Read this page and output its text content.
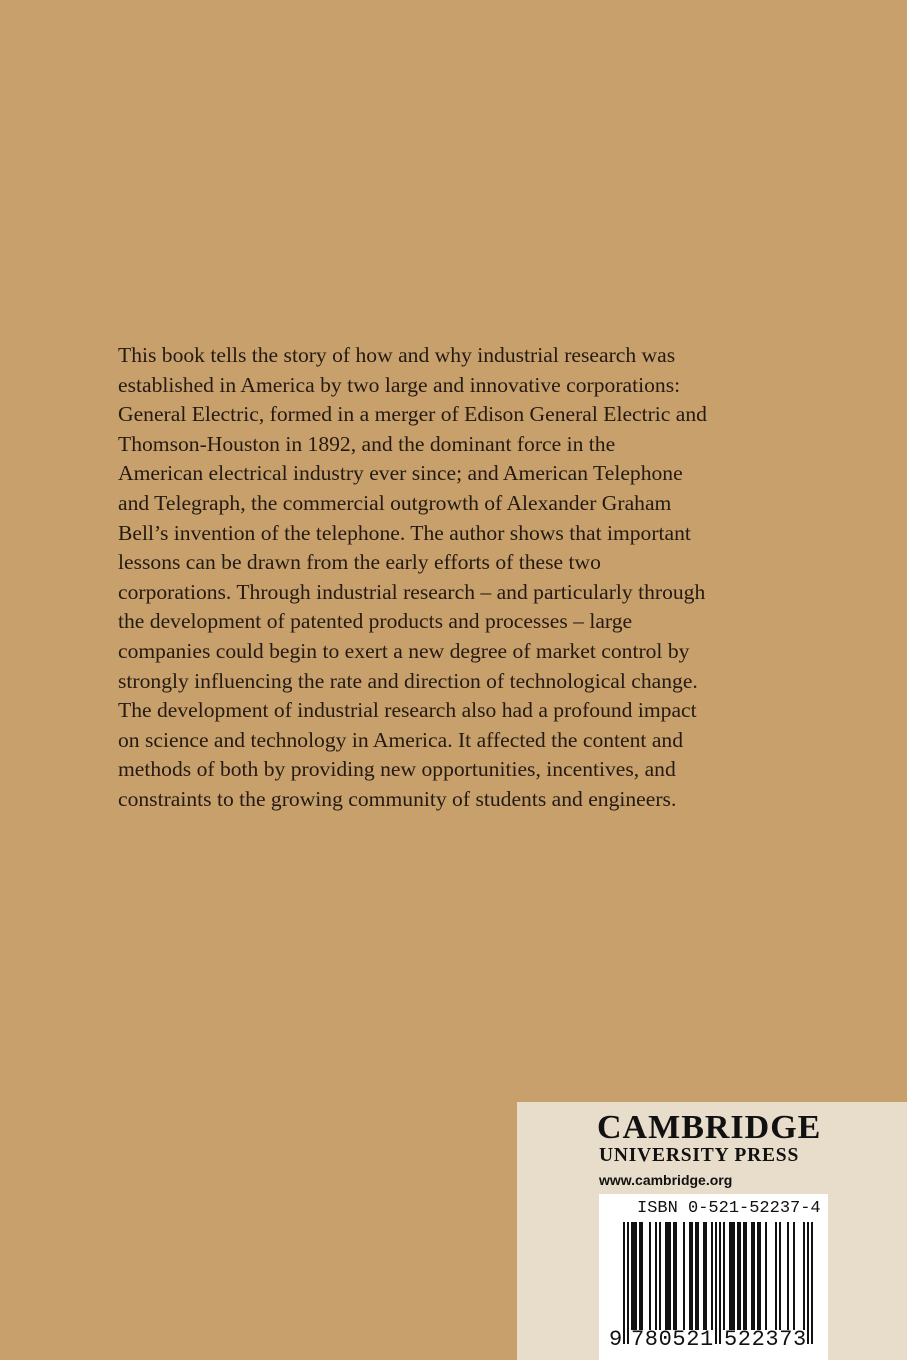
This book tells the story of how and why industrial research was
established in America by two large and innovative corporations:
General Electric, formed in a merger of Edison General Electric and
Thomson-Houston in 1892, and the dominant force in the
American electrical industry ever since; and American Telephone
and Telegraph, the commercial outgrowth of Alexander Graham
Bell’s invention of the telephone. The author shows that important
lessons can be drawn from the early efforts of these two
corporations. Through industrial research – and particularly through
the development of patented products and processes – large
companies could begin to exert a new degree of market control by
strongly influencing the rate and direction of technological change.
The development of industrial research also had a profound impact
on science and technology in America. It affected the content and
methods of both by providing new opportunities, incentives, and
constraints to the growing community of students and engineers.
CAMBRIDGE
UNIVERSITY PRESS
www.cambridge.org
ISBN 0-521-52237-4
9 780521 522373
